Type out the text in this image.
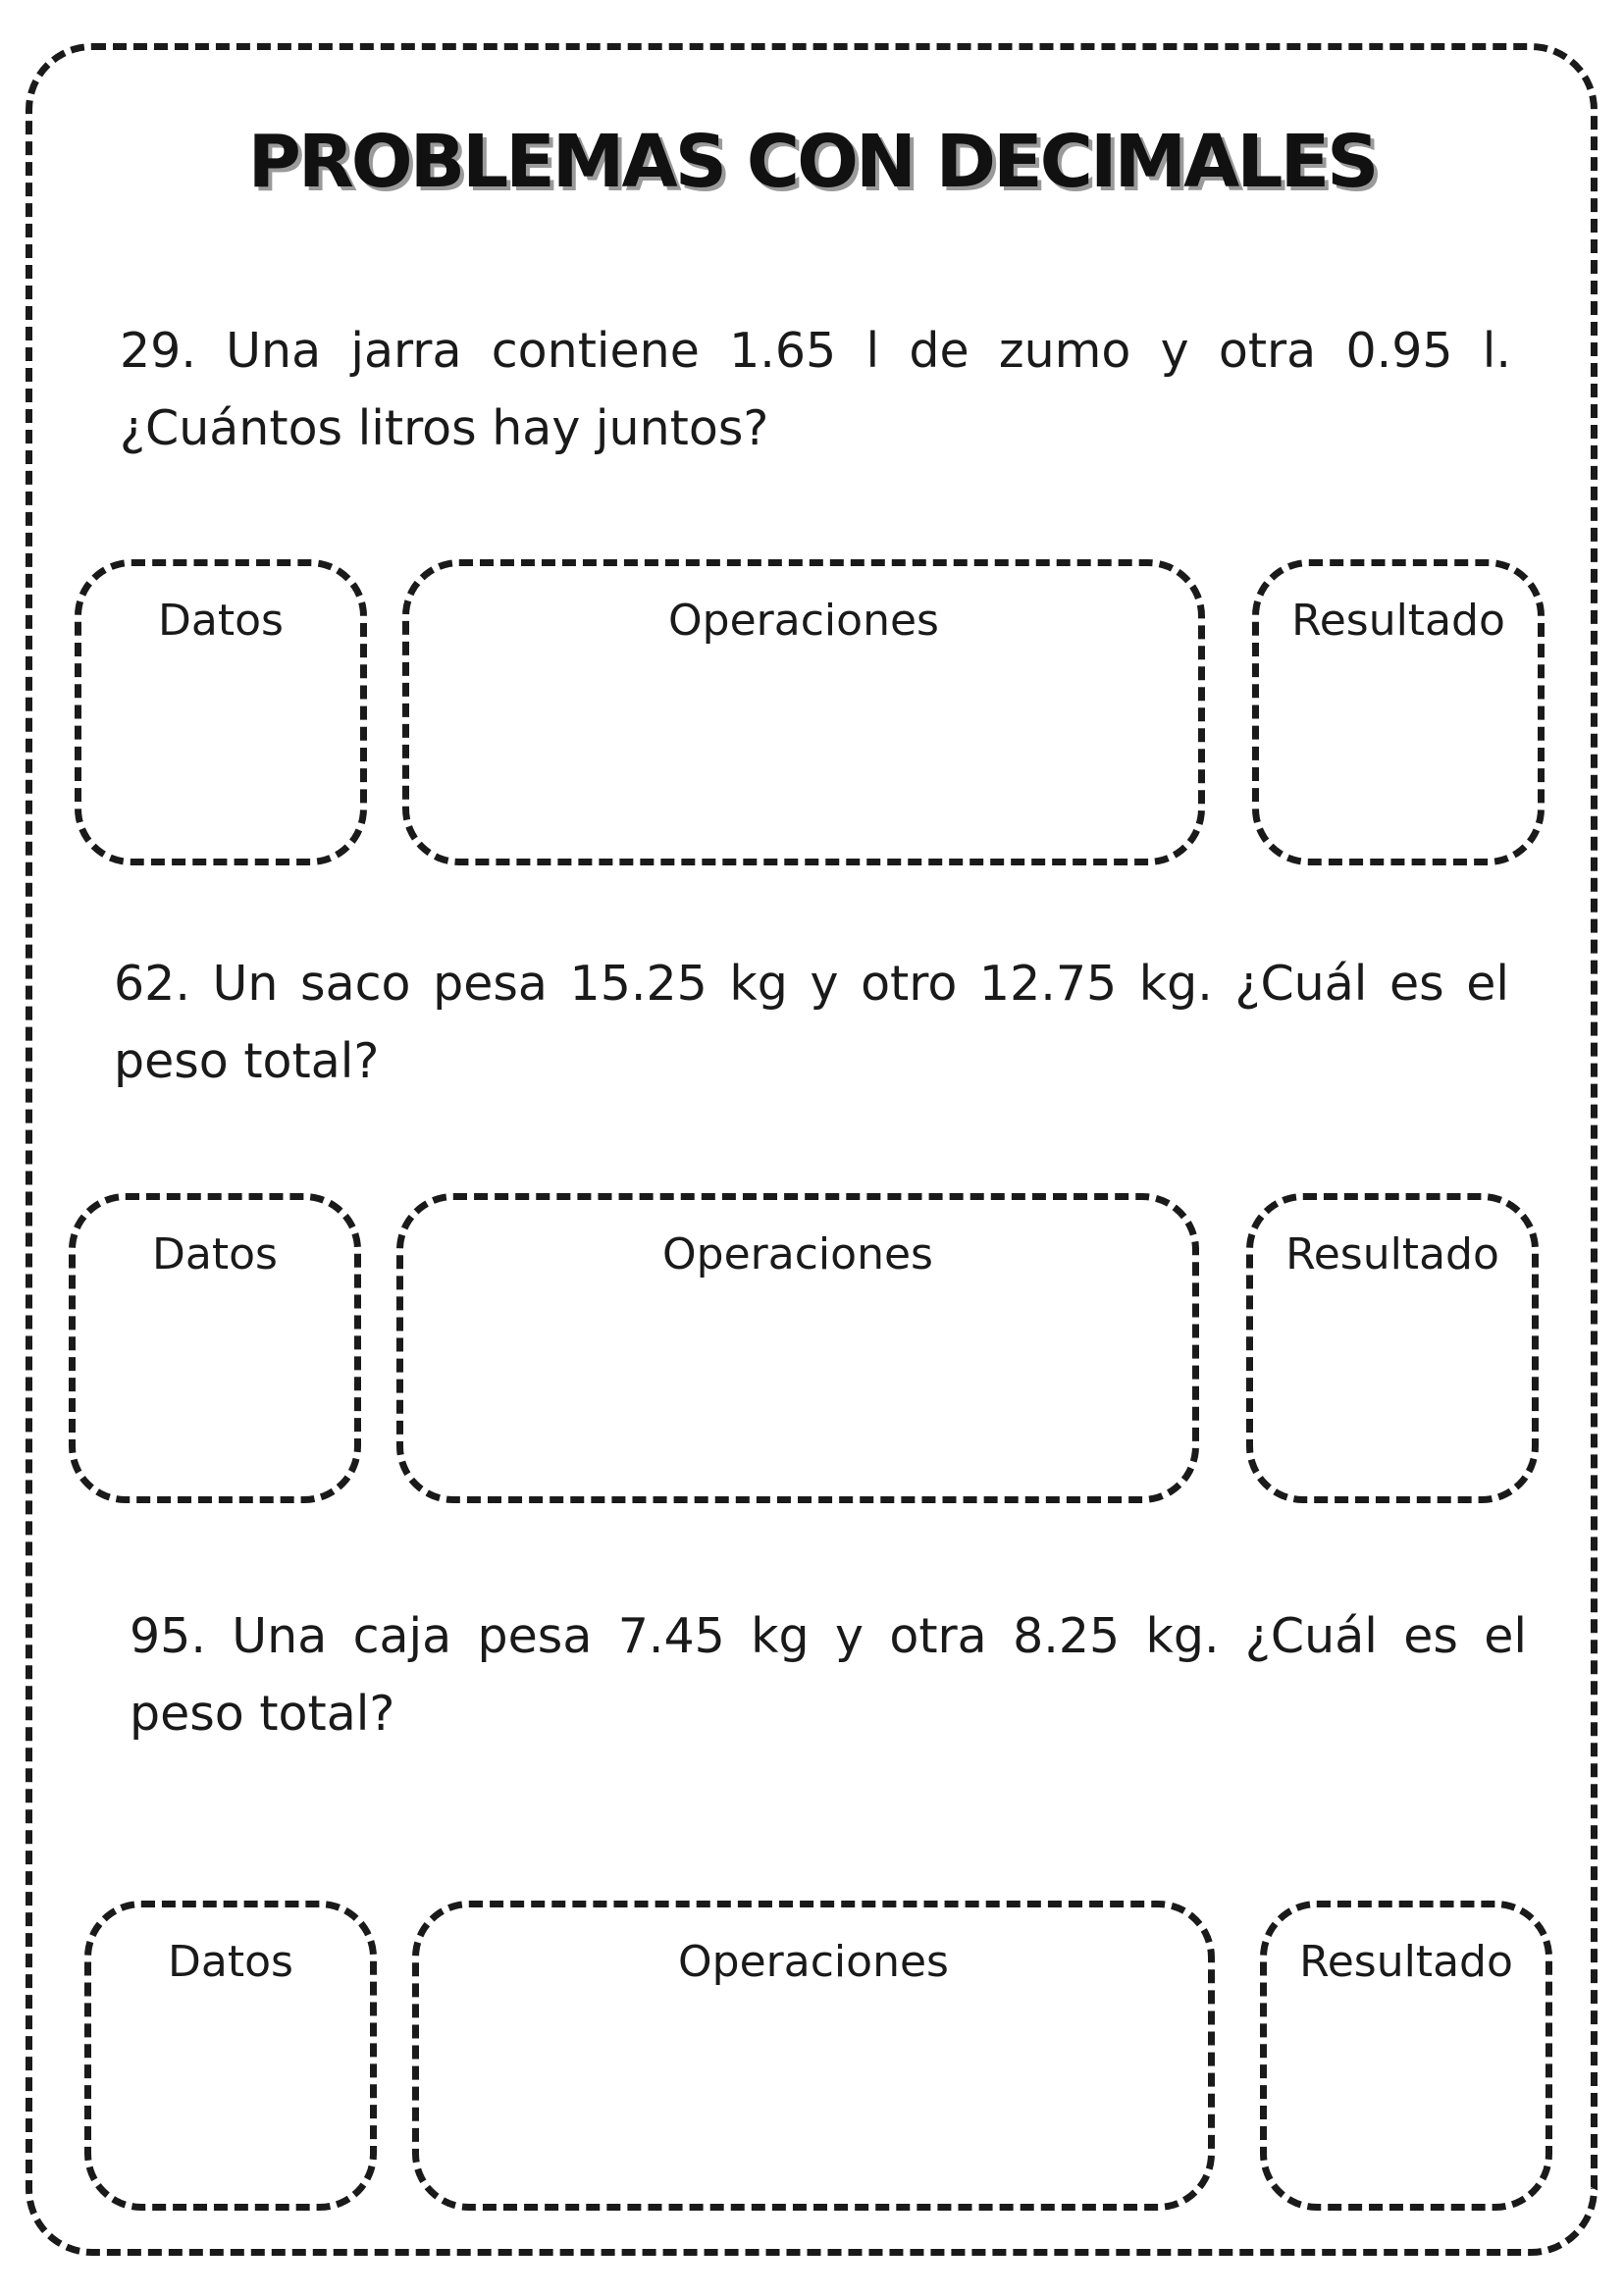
PROBLEMAS CON DECIMALES

29. Una jarra contiene 1.65 l de zumo y otra 0.95 l. ¿Cuántos litros hay juntos?

Datos	Operaciones	Resultado

62. Un saco pesa 15.25 kg y otro 12.75 kg. ¿Cuál es el peso total?

Datos	Operaciones	Resultado

95. Una caja pesa 7.45 kg y otra 8.25 kg. ¿Cuál es el peso total?

Datos	Operaciones	Resultado
